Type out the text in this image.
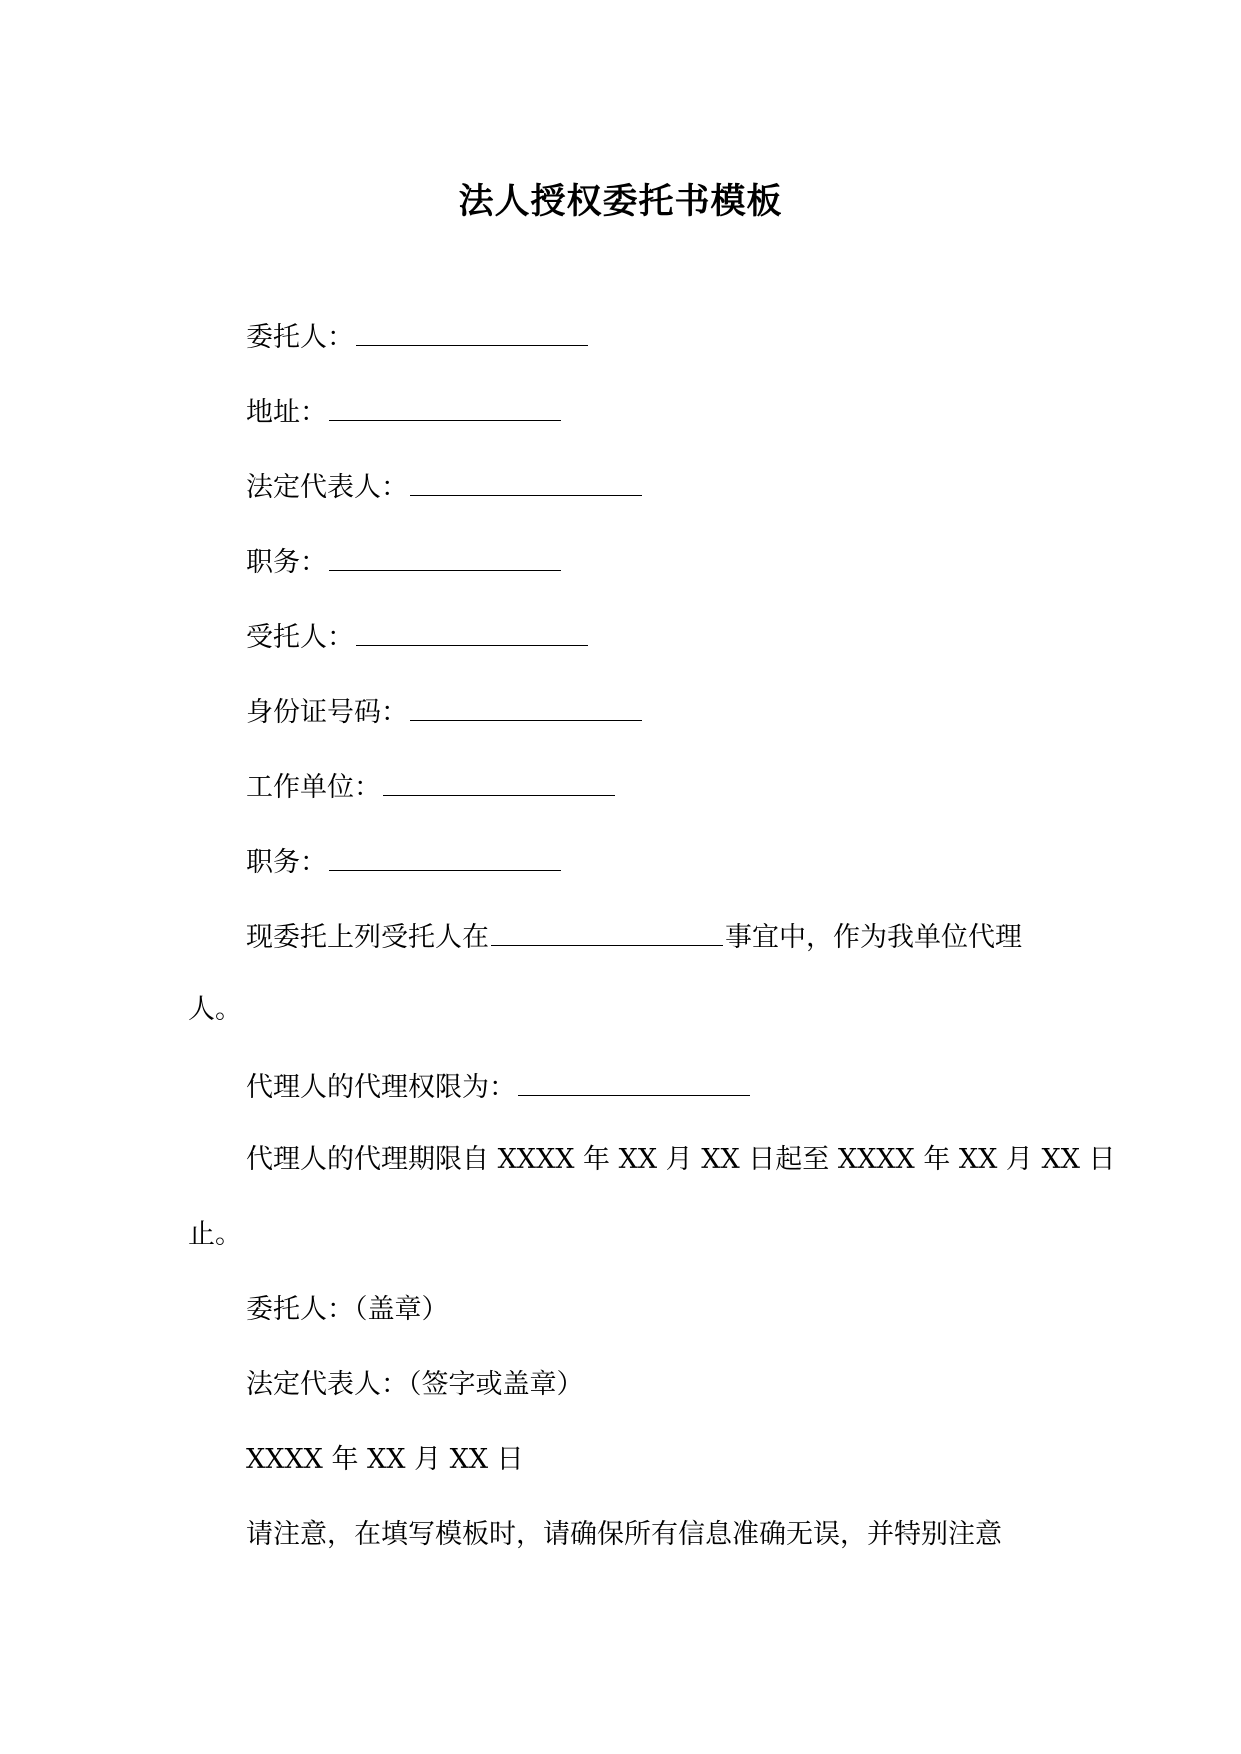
法人授权委托书模板
委托人：
地址：
法定代表人：
职务：
受托人：
身份证号码：
工作单位：
职务：
现委托上列受托人在	事宜中，作为我单位代理
人。
代理人的代理权限为：
代理人的代理期限自 XXXX 年 XX 月 XX 日起至 XXXX 年 XX 月 XX 日
止。
委托人：（盖章）
法定代表人：（签字或盖章）
XXXX 年 XX 月 XX 日
请注意，在填写模板时，请确保所有信息准确无误，并特别注意
